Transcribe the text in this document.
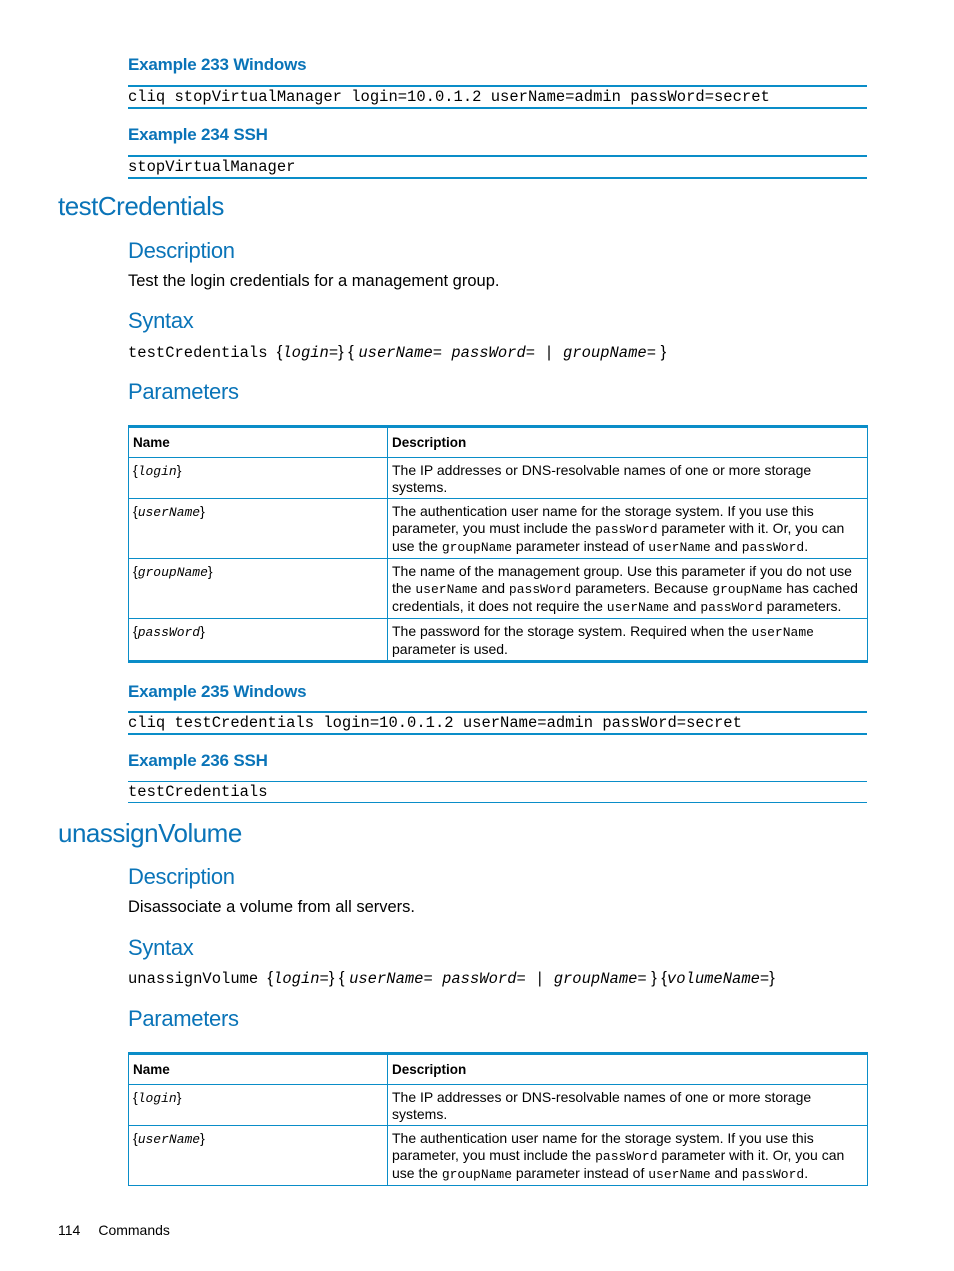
Example 233 Windows
cliq stopVirtualManager login=10.0.1.2 userName=admin passWord=secret
Example 234 SSH
stopVirtualManager
testCredentials
Description
Test the login credentials for a management group.
Syntax
testCredentials {login=} { userName= passWord= | groupName= }
Parameters
Name	Description
{login}	The IP addresses or DNS-resolvable names of one or more storage systems.
{userName}	The authentication user name for the storage system. If you use this parameter, you must include the passWord parameter with it. Or, you can use the groupName parameter instead of userName and passWord.
{groupName}	The name of the management group. Use this parameter if you do not use the userName and passWord parameters. Because groupName has cached credentials, it does not require the userName and passWord parameters.
{passWord}	The password for the storage system. Required when the userName parameter is used.
Example 235 Windows
cliq testCredentials login=10.0.1.2 userName=admin passWord=secret
Example 236 SSH
testCredentials
unassignVolume
Description
Disassociate a volume from all servers.
Syntax
unassignVolume {login=} { userName= passWord= | groupName= } {volumeName=}
Parameters
Name	Description
{login}	The IP addresses or DNS-resolvable names of one or more storage systems.
{userName}	The authentication user name for the storage system. If you use this parameter, you must include the passWord parameter with it. Or, you can use the groupName parameter instead of userName and passWord.
114 Commands
